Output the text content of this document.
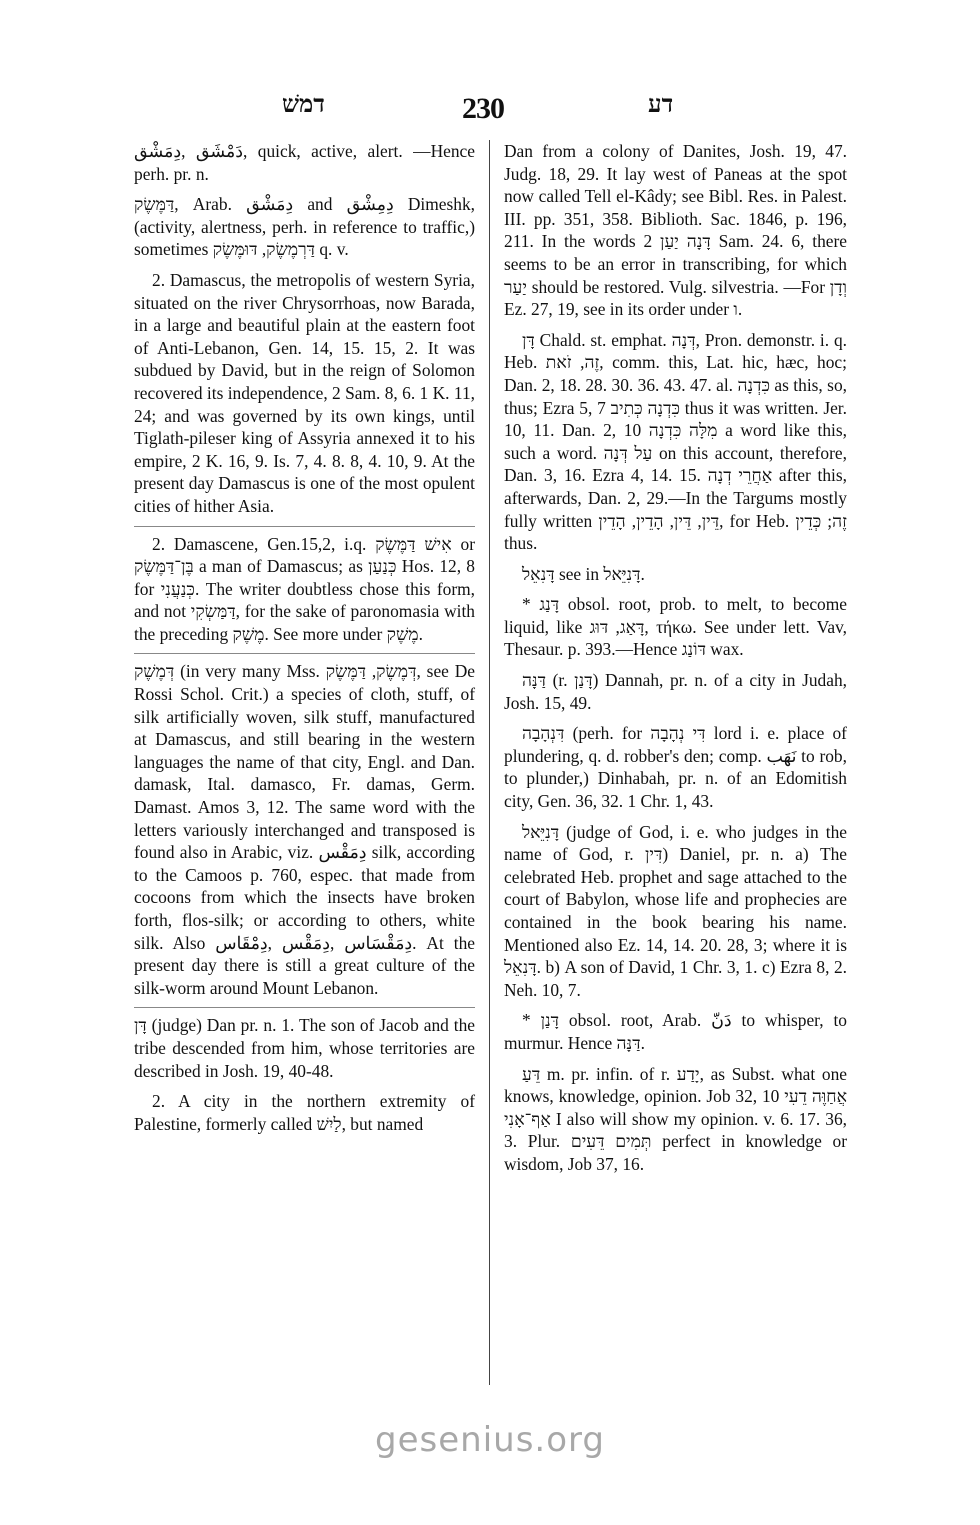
דמשׁ	230	דע

دَمْشَق ,دِمَشْق, quick, active, alert. —Hence perh. pr. n.

דַּמֶּשֶׂק, Arab. دِمَشْق and دِمِشْق Dimeshk, (activity, alertness, perh. in reference to traffic,) sometimes דַּרְמֶשֶׂק, דּוּמֶּשֶׂק q. v.

2. Damascus, the metropolis of western Syria, situated on the river Chrysorrhoas, now Barada, in a large and beautiful plain at the eastern foot of Anti-Lebanon, Gen. 14, 15. 15, 2. It was subdued by David, but in the reign of Solomon recovered its independence, 2 Sam. 8, 6. 1 K. 11, 24; and was governed by its own kings, until Tiglath-pileser king of Assyria annexed it to his empire, 2 K. 16, 9. Is. 7, 4. 8. 8, 4. 10, 9. At the present day Damascus is one of the most opulent cities of hither Asia.

2. Damascene, Gen.15,2, i.q. אִישׁ דַּמֶּשֶׂק or בֶּן־דַּמֶּשֶׂק a man of Damascus; as כְּנַעַן Hos. 12, 8 for כְּנַעֲנִי. The writer doubtless chose this form, and not דַּמַּשְׂקִי, for the sake of paronomasia with the preceding מֶשֶׁק. See more under מֶשֶׁק.

דְּמֶשֶׁק (in very many Mss. דְּמֶשֶׂק, דַּמֶּשֶׂק, see De Rossi Schol. Crit.) a species of cloth, stuff, of silk artificially woven, silk stuff, manufactured at Damascus, and still bearing in the western languages the name of that city, Engl. and Dan. damask, Ital. damasco, Fr. damas, Germ. Damast. Amos 3, 12. The same word with the letters variously interchanged and transposed is found also in Arabic, viz. دِمَقْس silk, according to the Camoos p. 760, espec. that made from cocoons from which the insects have broken forth, flos-silk; or according to others, white silk. Also دِمَقْسَاس ,دِمَقْس ,دِمْقَاس. At the present day there is still a great culture of the silk-worm around Mount Lebanon.

דָּן (judge) Dan pr. n. 1. The son of Jacob and the tribe descended from him, whose territories are described in Josh. 19, 40-48.

2. A city in the northern extremity of Palestine, formerly called לַיִשׁ, but named

Dan from a colony of Danites, Josh. 19, 47. Judg. 18, 29. It lay west of Paneas at the spot now called Tell el-Kâdy; see Bibl. Res. in Palest. III. pp. 351, 358. Biblioth. Sac. 1846, p. 196, 211. In the words דָּנָה יַעַן 2 Sam. 24. 6, there seems to be an error in transcribing, for which יַעַר should be restored. Vulg. silvestria. —For וְדָן Ez. 27, 19, see in its order under ו.

דָּן Chald. st. emphat. דְּנָה, Pron. demonstr. i. q. Heb. זֶה, זֹאת, comm. this, Lat. hic, hæc, hoc; Dan. 2, 18. 28. 30. 36. 43. 47. al. כִּדְנָה as this, so, thus; Ezra 5, 7 כִּדְנָה כְּתִיב thus it was written. Jer. 10, 11. Dan. 2, 10 מִלָּה כִּדְנָה a word like this, such a word. עַל דְּנָה on this account, therefore, Dan. 3, 16. Ezra 4, 14. 15. אַחֲרֵי דְנָה after this, afterwards, Dan. 2, 29.—In the Targums mostly fully written דֵּין, דֵּין, הָדֵין, הָדֵין, for Heb. זֶה; כְּדֵין thus.

דָּנִאֵל see in דָּנִיֵּאל.

* דָּנַג obsol. root, prob. to melt, to become liquid, like דָּאַג, דּוּג, τήκω. See under lett. Vav, Thesaur. p. 393.—Hence דּוֹנַג wax.

דַּנָּה (r. דָּנַן) Dannah, pr. n. of a city in Judah, Josh. 15, 49.

דִּנְהָבָה (perh. for דִּי נְהָבָה lord i. e. place of plundering, q. d. robber's den; comp. نَهَب to rob, to plunder,) Dinhabah, pr. n. of an Edomitish city, Gen. 36, 32. 1 Chr. 1, 43.

דָּנִיֵּאל (judge of God, i. e. who judges in the name of God, r. דִּין) Daniel, pr. n. a) The celebrated Heb. prophet and sage attached to the court of Babylon, whose life and prophecies are contained in the book bearing his name. Mentioned also Ez. 14, 14. 20. 28, 3; where it is דָּנִאֵל. b) A son of David, 1 Chr. 3, 1. c) Ezra 8, 2. Neh. 10, 7.

* דָּנַן obsol. root, Arab. دَنّ to whisper, to murmur. Hence דַּנָּה.

דֵּעַ m. pr. infin. of r. יָדַע, as Subst. what one knows, knowledge, opinion. Job 32, 10 אֲחַוֶּה דֵעִי אַף־אָנִי I also will show my opinion. v. 6. 17. 36, 3. Plur. תְּמִים דֵּעִים perfect in knowledge or wisdom, Job 37, 16.

gesenius.org
